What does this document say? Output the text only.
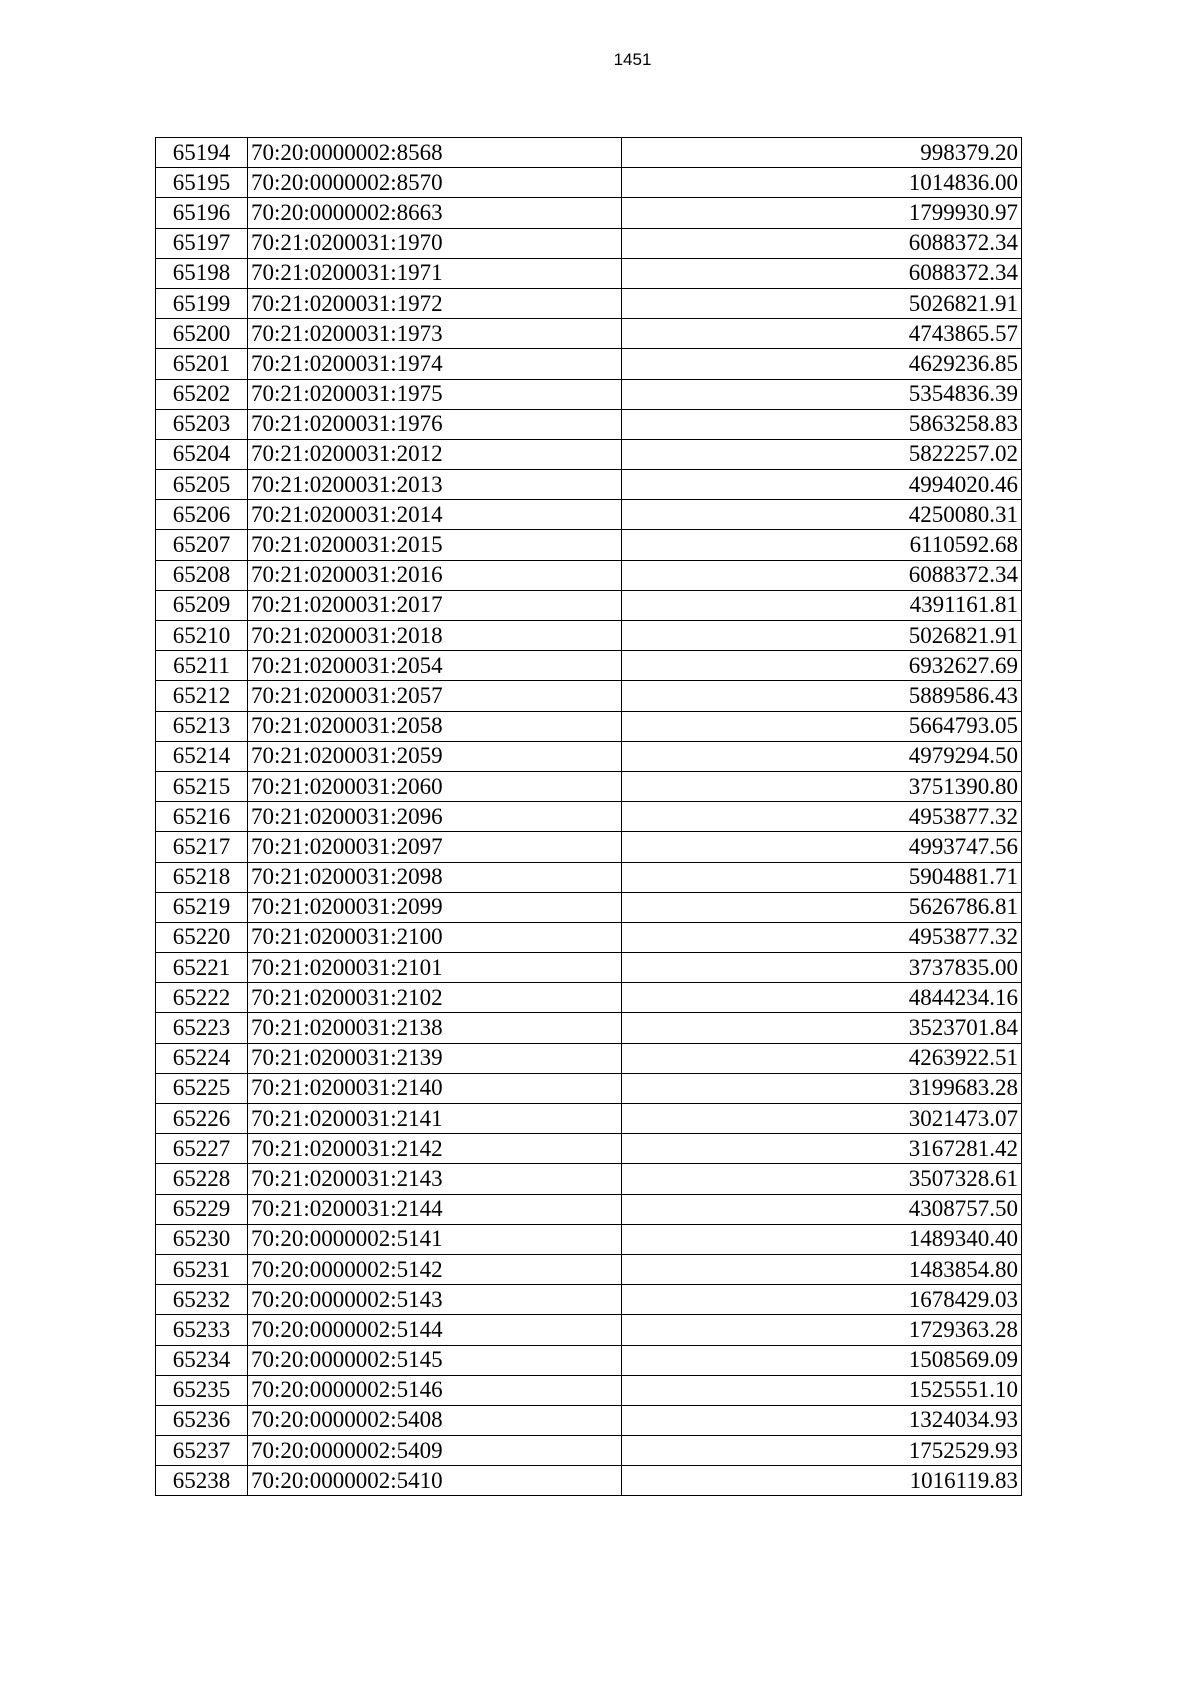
1451
65194	70:20:0000002:8568	998379.20
65195	70:20:0000002:8570	1014836.00
65196	70:20:0000002:8663	1799930.97
65197	70:21:0200031:1970	6088372.34
65198	70:21:0200031:1971	6088372.34
65199	70:21:0200031:1972	5026821.91
65200	70:21:0200031:1973	4743865.57
65201	70:21:0200031:1974	4629236.85
65202	70:21:0200031:1975	5354836.39
65203	70:21:0200031:1976	5863258.83
65204	70:21:0200031:2012	5822257.02
65205	70:21:0200031:2013	4994020.46
65206	70:21:0200031:2014	4250080.31
65207	70:21:0200031:2015	6110592.68
65208	70:21:0200031:2016	6088372.34
65209	70:21:0200031:2017	4391161.81
65210	70:21:0200031:2018	5026821.91
65211	70:21:0200031:2054	6932627.69
65212	70:21:0200031:2057	5889586.43
65213	70:21:0200031:2058	5664793.05
65214	70:21:0200031:2059	4979294.50
65215	70:21:0200031:2060	3751390.80
65216	70:21:0200031:2096	4953877.32
65217	70:21:0200031:2097	4993747.56
65218	70:21:0200031:2098	5904881.71
65219	70:21:0200031:2099	5626786.81
65220	70:21:0200031:2100	4953877.32
65221	70:21:0200031:2101	3737835.00
65222	70:21:0200031:2102	4844234.16
65223	70:21:0200031:2138	3523701.84
65224	70:21:0200031:2139	4263922.51
65225	70:21:0200031:2140	3199683.28
65226	70:21:0200031:2141	3021473.07
65227	70:21:0200031:2142	3167281.42
65228	70:21:0200031:2143	3507328.61
65229	70:21:0200031:2144	4308757.50
65230	70:20:0000002:5141	1489340.40
65231	70:20:0000002:5142	1483854.80
65232	70:20:0000002:5143	1678429.03
65233	70:20:0000002:5144	1729363.28
65234	70:20:0000002:5145	1508569.09
65235	70:20:0000002:5146	1525551.10
65236	70:20:0000002:5408	1324034.93
65237	70:20:0000002:5409	1752529.93
65238	70:20:0000002:5410	1016119.83
